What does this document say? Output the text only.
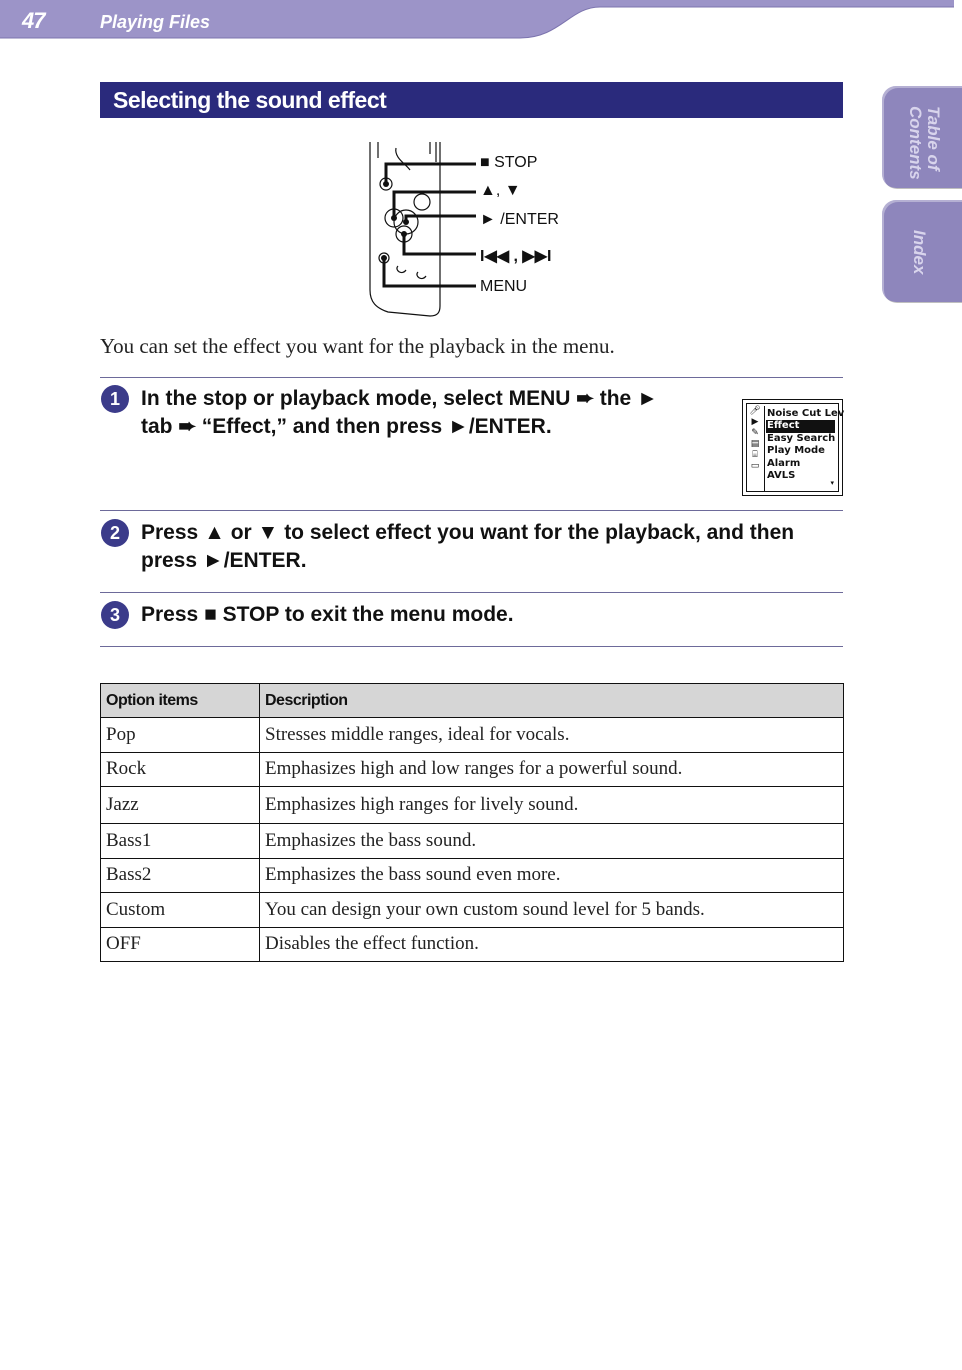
47	Playing Files
Table of
Contents
Index
Selecting the sound effect
■ STOP
▲, ▼
► /ENTER
I◀◀ , ▶▶I
MENU

You can set the effect you want for the playback in the menu.

1	In the stop or playback mode, select MENU ➨ the ►
tab ➨ “Effect,” and then press ►/ENTER.
🎤︎
▶
✎
▤
⌸
▭
Noise Cut Lev
Effect
Easy Search
Play Mode
Alarm
AVLS
▾
2	Press ▲ or ▼ to select effect you want for the playback, and then
press ►/ENTER.
3	Press ■ STOP to exit the menu mode.
Option items	Description
Pop	Stresses middle ranges, ideal for vocals.
Rock	Emphasizes high and low ranges for a powerful sound.
Jazz	Emphasizes high ranges for lively sound.
Bass1	Emphasizes the bass sound.
Bass2	Emphasizes the bass sound even more.
Custom	You can design your own custom sound level for 5 bands.
OFF	Disables the effect function.
